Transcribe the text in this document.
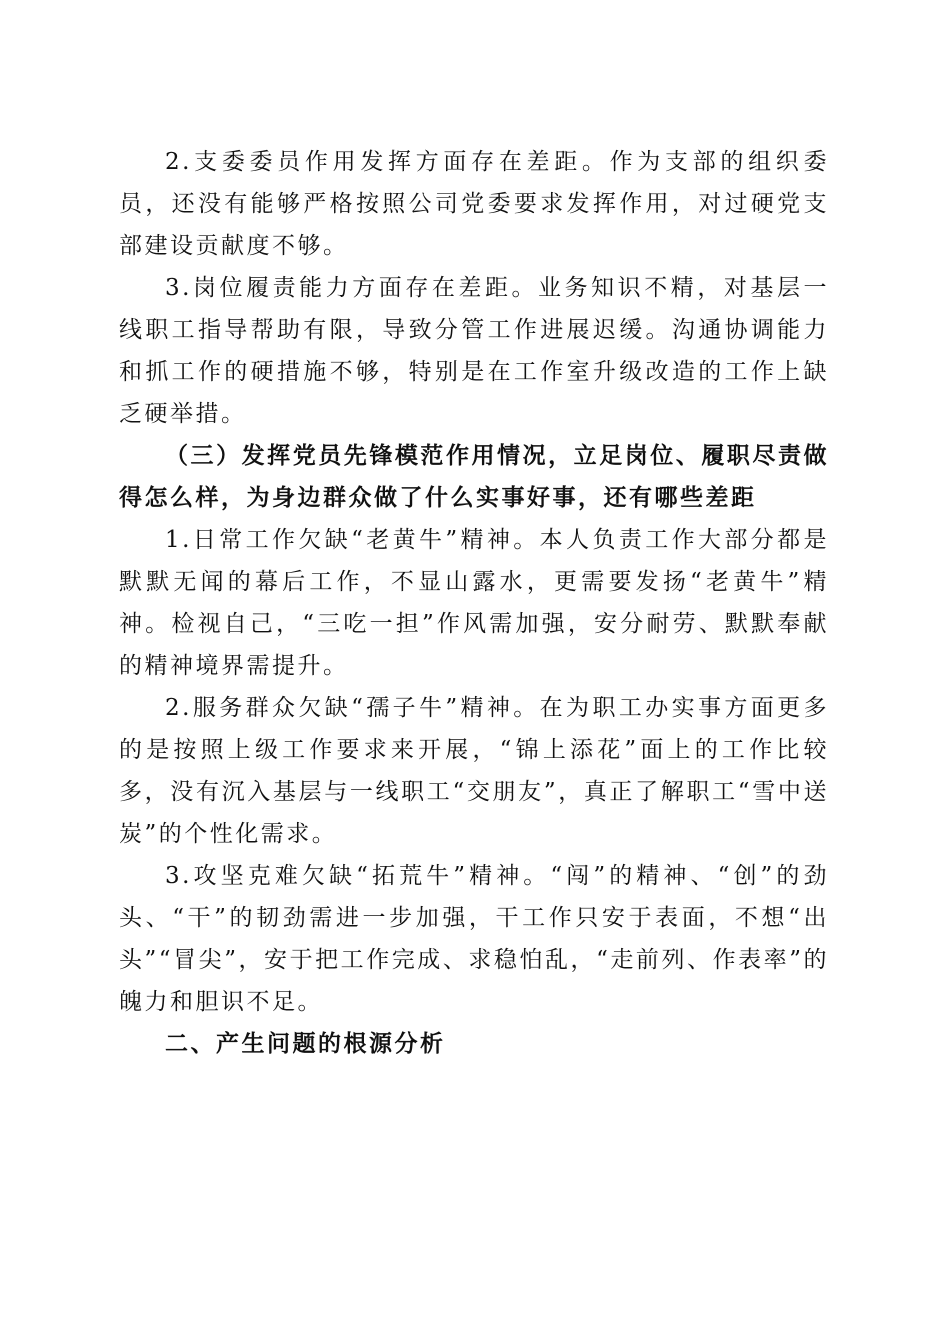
2.支委委员作用发挥方面存在差距。作为支部的组织委员，还没有能够严格按照公司党委要求发挥作用，对过硬党支部建设贡献度不够。

3.岗位履责能力方面存在差距。业务知识不精，对基层一线职工指导帮助有限，导致分管工作进展迟缓。沟通协调能力和抓工作的硬措施不够，特别是在工作室升级改造的工作上缺乏硬举措。

（三）发挥党员先锋模范作用情况，立足岗位、履职尽责做得怎么样，为身边群众做了什么实事好事，还有哪些差距

1.日常工作欠缺“老黄牛”精神。本人负责工作大部分都是默默无闻的幕后工作，不显山露水，更需要发扬“老黄牛”精神。检视自己，“三吃一担”作风需加强，安分耐劳、默默奉献的精神境界需提升。

2.服务群众欠缺“孺子牛”精神。在为职工办实事方面更多的是按照上级工作要求来开展，“锦上添花”面上的工作比较多，没有沉入基层与一线职工“交朋友”，真正了解职工“雪中送炭”的个性化需求。

3.攻坚克难欠缺“拓荒牛”精神。“闯”的精神、“创”的劲头、“干”的韧劲需进一步加强，干工作只安于表面，不想“出头”“冒尖”，安于把工作完成、求稳怕乱，“走前列、作表率”的魄力和胆识不足。

二、产生问题的根源分析
